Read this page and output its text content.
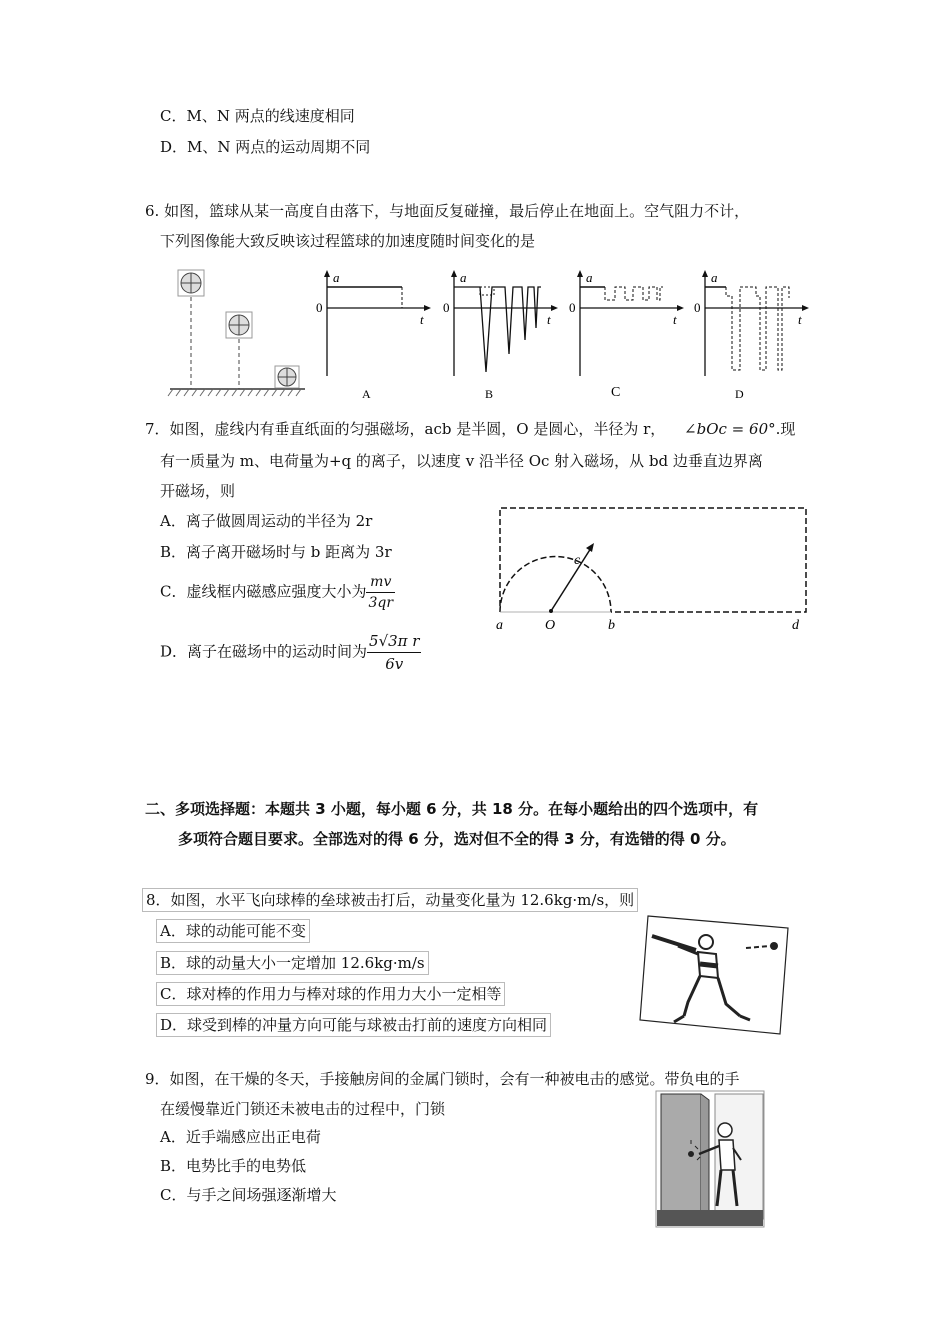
C．M、N 两点的线速度相同
D．M、N 两点的运动周期不同
6. 如图，篮球从某一高度自由落下，与地面反复碰撞，最后停止在地面上。空气阻力不计，
下列图像能大致反映该过程篮球的加速度随时间变化的是
a
0
t
A
a
0
t
B
a
0
t
C
a
0
t
D
7．如图，虚线内有垂直纸面的匀强磁场，acb 是半圆，O 是圆心，半径为 r， ∠bOc = 60°.现
有一质量为 m、电荷量为+q 的离子，以速度 v 沿半径 Oc 射入磁场，从 bd 边垂直边界离
开磁场，则
A．离子做圆周运动的半径为 2r
B．离子离开磁场时与 b 距离为 3r
C．虚线框内磁感应强度大小为 $\frac{mv}{3qr}$
D．离子在磁场中的运动时间为 $\frac{\text{5√3π r}}{6v}$
a	O	b
c
d
二、多项选择题：本题共 3 小题，每小题 6 分，共 18 分。在每小题给出的四个选项中，有
多项符合题目要求。全部选对的得 6 分，选对但不全的得 3 分，有选错的得 0 分。
8．如图，水平飞向球棒的垒球被击打后，动量变化量为 12.6kg·m/s，则
A．球的动能可能不变
B．球的动量大小一定增加 12.6kg·m/s
C．球对棒的作用力与棒对球的作用力大小一定相等
D．球受到棒的冲量方向可能与球被击打前的速度方向相同
9．如图，在干燥的冬天，手接触房间的金属门锁时，会有一种被电击的感觉。带负电的手
在缓慢靠近门锁还未被电击的过程中，门锁
A．近手端感应出正电荷
B．电势比手的电势低
C．与手之间场强逐渐增大
